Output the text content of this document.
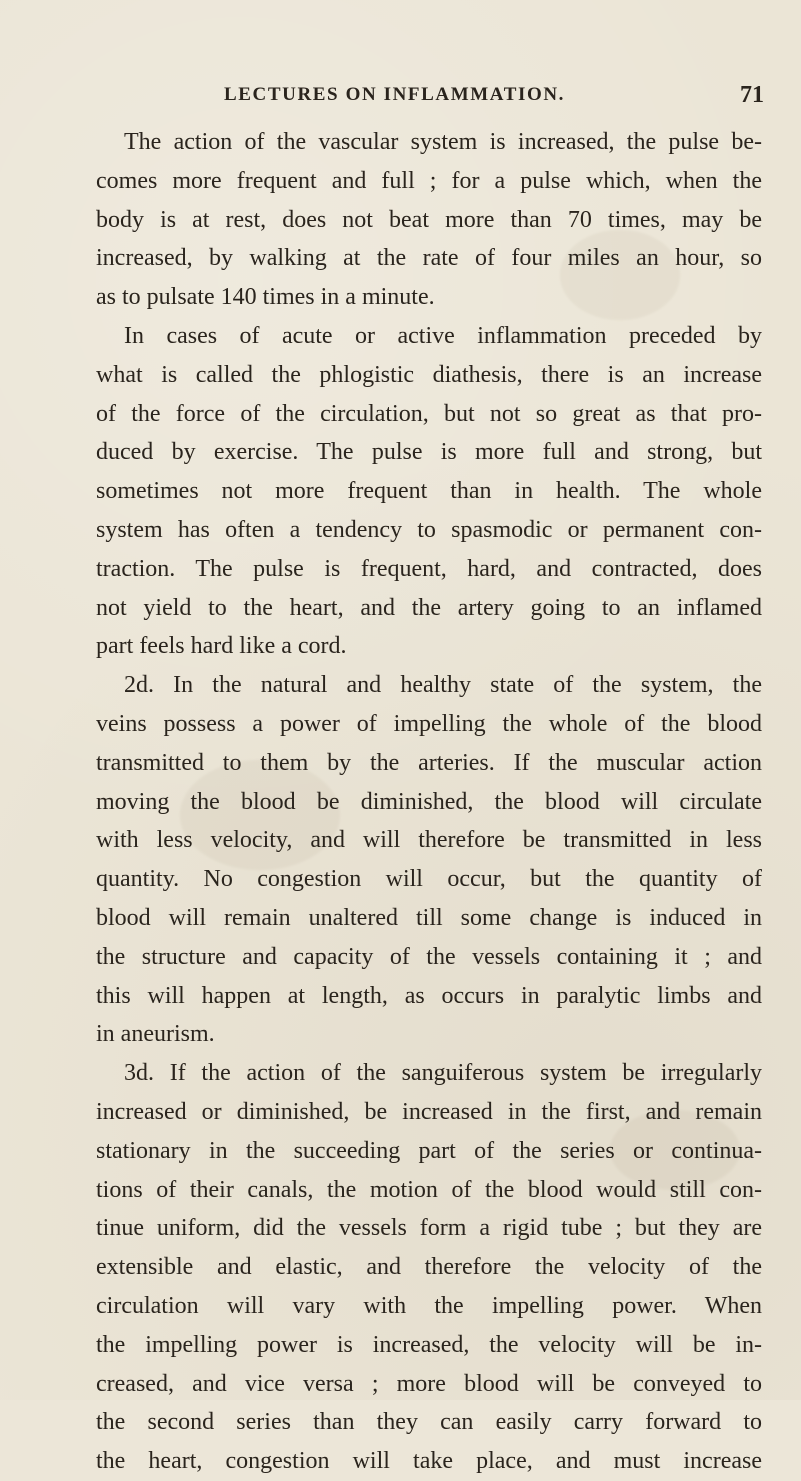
LECTURES ON INFLAMMATION.	71
The action of the vascular system is increased, the pulse be-
comes more frequent and full ; for a pulse which, when the
body is at rest, does not beat more than 70 times, may be
increased, by walking at the rate of four miles an hour, so
as to pulsate 140 times in a minute.
In cases of acute or active inflammation preceded by
what is called the phlogistic diathesis, there is an increase
of the force of the circulation, but not so great as that pro-
duced by exercise. The pulse is more full and strong, but
sometimes not more frequent than in health. The whole
system has often a tendency to spasmodic or permanent con-
traction. The pulse is frequent, hard, and contracted, does
not yield to the heart, and the artery going to an inflamed
part feels hard like a cord.
2d. In the natural and healthy state of the system, the
veins possess a power of impelling the whole of the blood
transmitted to them by the arteries. If the muscular action
moving the blood be diminished, the blood will circulate
with less velocity, and will therefore be transmitted in less
quantity. No congestion will occur, but the quantity of
blood will remain unaltered till some change is induced in
the structure and capacity of the vessels containing it ; and
this will happen at length, as occurs in paralytic limbs and
in aneurism.
3d. If the action of the sanguiferous system be irregularly
increased or diminished, be increased in the first, and remain
stationary in the succeeding part of the series or continua-
tions of their canals, the motion of the blood would still con-
tinue uniform, did the vessels form a rigid tube ; but they are
extensible and elastic, and therefore the velocity of the
circulation will vary with the impelling power. When
the impelling power is increased, the velocity will be in-
creased, and vice versa ; more blood will be conveyed to
the second series than they can easily carry forward to
the heart, congestion will take place, and must increase
